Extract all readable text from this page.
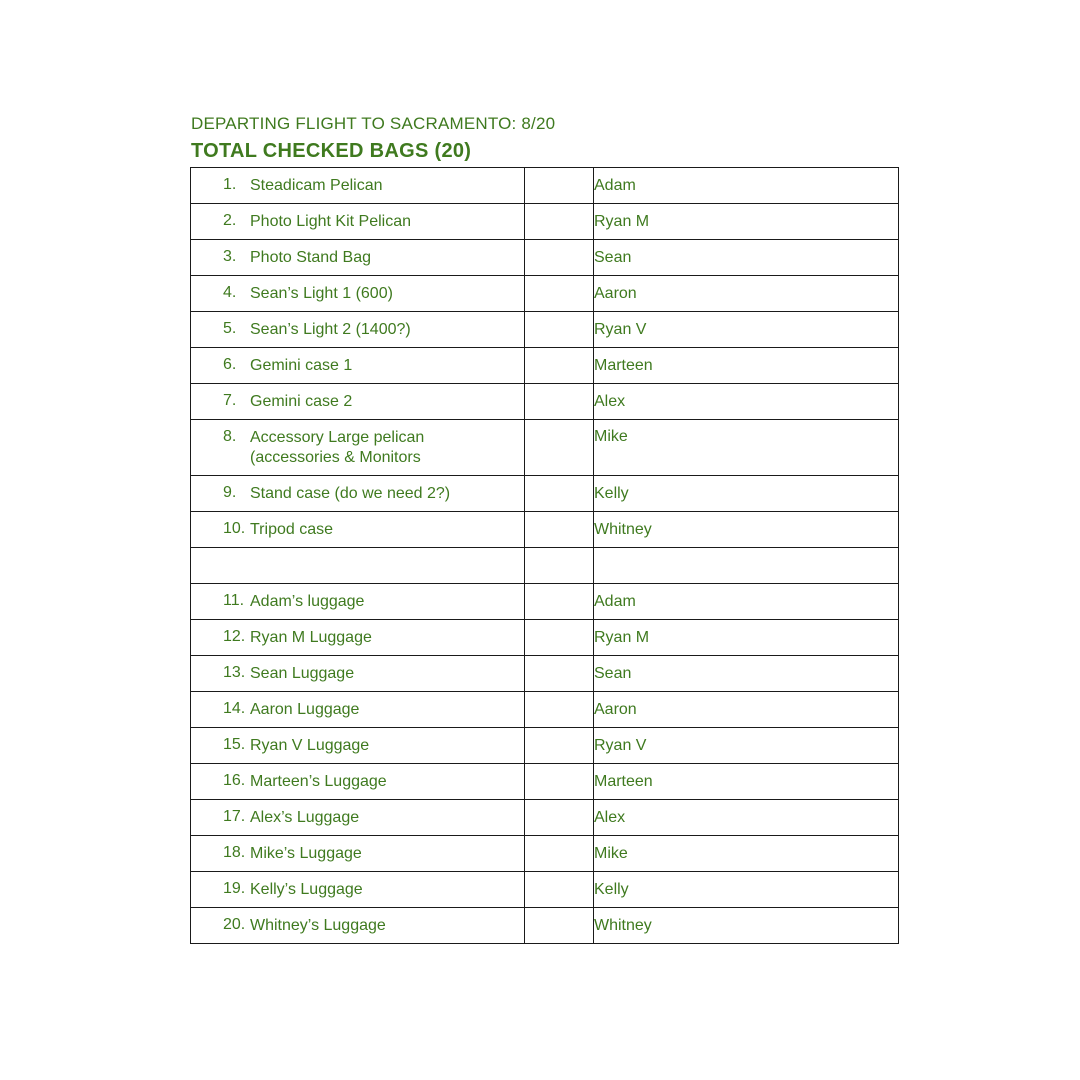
DEPARTING FLIGHT TO SACRAMENTO: 8/20
TOTAL CHECKED BAGS (20)
1. Steadicam Pelican		Adam

2. Photo Light Kit Pelican		Ryan M

3. Photo Stand Bag		Sean

4. Sean’s Light 1 (600)		Aaron

5. Sean’s Light 2 (1400?)		Ryan V

6. Gemini case 1		Marteen

7. Gemini case 2		Alex

8. Accessory Large pelican
(accessories & Monitors		Mike

9. Stand case (do we need 2?)		Kelly

10. Tripod case		Whitney

11. Adam’s luggage		Adam

12. Ryan M Luggage		Ryan M

13. Sean Luggage		Sean

14. Aaron Luggage		Aaron

15. Ryan V Luggage		Ryan V

16. Marteen’s Luggage		Marteen

17. Alex’s Luggage		Alex

18. Mike’s Luggage		Mike

19. Kelly’s Luggage		Kelly

20. Whitney’s Luggage		Whitney
